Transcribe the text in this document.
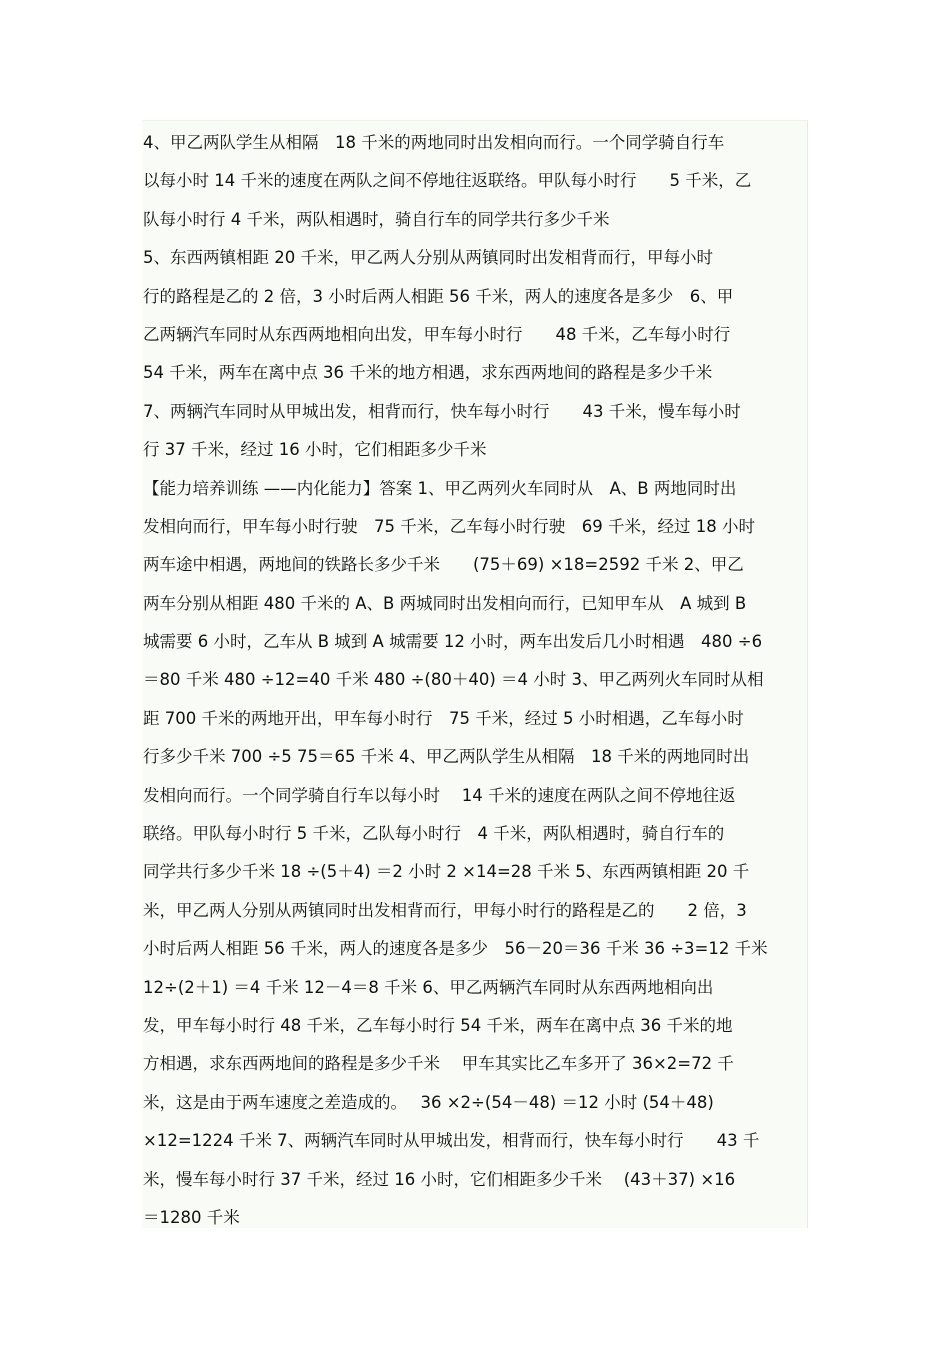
4、甲乙两队学生从相隔　18 千米的两地同时出发相向而行。一个同学骑自行车
以每小时 14 千米的速度在两队之间不停地往返联络。甲队每小时行　　5 千米，乙
队每小时行 4 千米，两队相遇时，骑自行车的同学共行多少千米
5、东西两镇相距 20 千米，甲乙两人分别从两镇同时出发相背而行，甲每小时
行的路程是乙的 2 倍，3 小时后两人相距 56 千米，两人的速度各是多少　6、甲
乙两辆汽车同时从东西两地相向出发，甲车每小时行　　48 千米，乙车每小时行
54 千米，两车在离中点 36 千米的地方相遇，求东西两地间的路程是多少千米
7、两辆汽车同时从甲城出发，相背而行，快车每小时行　　43 千米，慢车每小时
行 37 千米，经过 16 小时，它们相距多少千米
【能力培养训练 ——内化能力】答案 1、甲乙两列火车同时从　A、B 两地同时出
发相向而行，甲车每小时行驶　75 千米，乙车每小时行驶　69 千米，经过 18 小时
两车途中相遇，两地间的铁路长多少千米　　(75＋69) ×18=2592 千米 2、甲乙
两车分别从相距 480 千米的 A、B 两城同时出发相向而行，已知甲车从　A 城到 B
城需要 6 小时，乙车从 B 城到 A 城需要 12 小时，两车出发后几小时相遇　480 ÷6
＝80 千米 480 ÷12=40 千米 480 ÷(80＋40) ＝4 小时 3、甲乙两列火车同时从相
距 700 千米的两地开出，甲车每小时行　75 千米，经过 5 小时相遇，乙车每小时
行多少千米 700 ÷5 75＝65 千米 4、甲乙两队学生从相隔　18 千米的两地同时出
发相向而行。一个同学骑自行车以每小时　 14 千米的速度在两队之间不停地往返
联络。甲队每小时行 5 千米，乙队每小时行　4 千米，两队相遇时，骑自行车的
同学共行多少千米 18 ÷(5＋4) ＝2 小时 2 ×14=28 千米 5、东西两镇相距 20 千
米，甲乙两人分别从两镇同时出发相背而行，甲每小时行的路程是乙的　　2 倍，3
小时后两人相距 56 千米，两人的速度各是多少　56－20＝36 千米 36 ÷3=12 千米
12÷(2＋1) ＝4 千米 12－4＝8 千米 6、甲乙两辆汽车同时从东西两地相向出
发，甲车每小时行 48 千米，乙车每小时行 54 千米，两车在离中点 36 千米的地
方相遇，求东西两地间的路程是多少千米　 甲车其实比乙车多开了 36×2=72 千
米，这是由于两车速度之差造成的。　 36 ×2÷(54－48) ＝12 小时 (54＋48)
×12=1224 千米 7、两辆汽车同时从甲城出发，相背而行，快车每小时行　　43 千
米，慢车每小时行 37 千米，经过 16 小时，它们相距多少千米　 (43＋37) ×16
＝1280 千米
